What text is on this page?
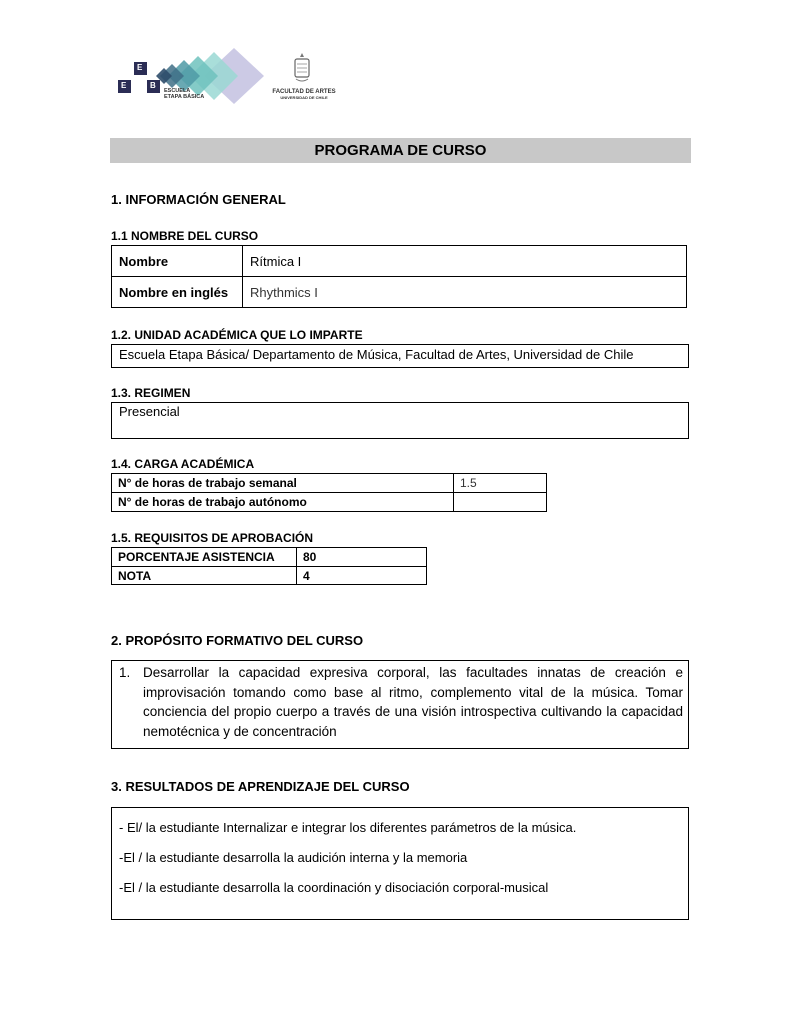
E
E	B
ESCUELA
ETAPA BÁSICA
FACULTAD DE ARTES
UNIVERSIDAD DE CHILE
PROGRAMA DE CURSO
1. INFORMACIÓN GENERAL
1.1 NOMBRE DEL CURSO
Nombre	Rítmica I
Nombre en inglés	Rhythmics I
1.2. UNIDAD ACADÉMICA QUE LO IMPARTE
Escuela Etapa Básica/ Departamento de Música, Facultad de Artes, Universidad de Chile
1.3. REGIMEN
Presencial
1.4. CARGA ACADÉMICA
N° de horas de trabajo semanal	1.5
N° de horas de trabajo autónomo	
1.5. REQUISITOS DE APROBACIÓN
PORCENTAJE ASISTENCIA	80
NOTA	4
2. PROPÓSITO FORMATIVO DEL CURSO
1. Desarrollar la capacidad expresiva corporal, las facultades innatas de creación e improvisación tomando como base al ritmo, complemento vital de la música. Tomar conciencia del propio cuerpo a través de una visión introspectiva cultivando la capacidad nemotécnica y de concentración
3. RESULTADOS DE APRENDIZAJE DEL CURSO
- El/ la estudiante Internalizar e integrar los diferentes parámetros de la música.
-El / la estudiante desarrolla la audición interna y la memoria
-El / la estudiante desarrolla la coordinación y disociación corporal-musical
